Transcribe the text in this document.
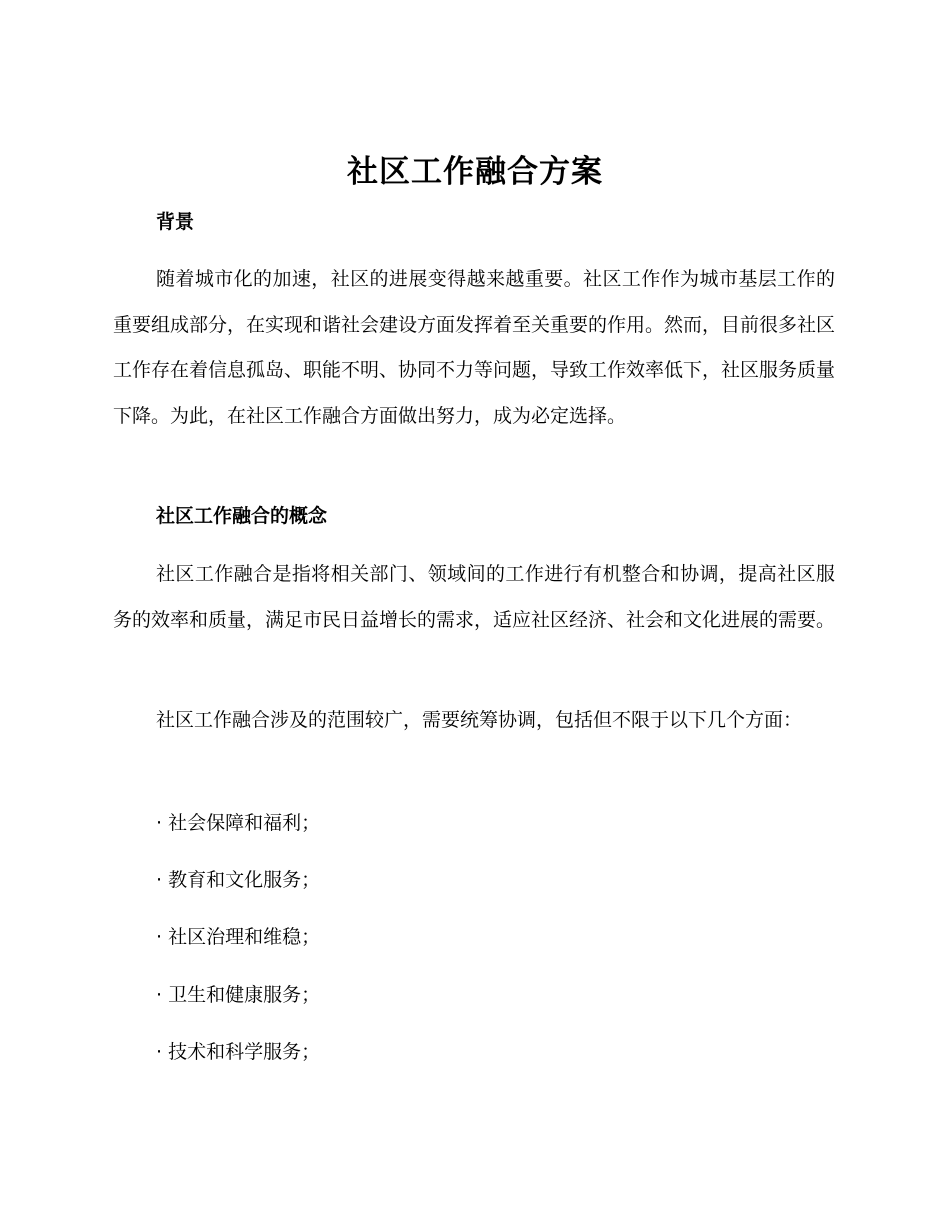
社区工作融合方案
背景

随着城市化的加速，社区的进展变得越来越重要。社区工作作为城市基层工作的重要组成部分，在实现和谐社会建设方面发挥着至关重要的作用。然而，目前很多社区工作存在着信息孤岛、职能不明、协同不力等问题，导致工作效率低下，社区服务质量下降。为此，在社区工作融合方面做出努力，成为必定选择。

社区工作融合的概念

社区工作融合是指将相关部门、领域间的工作进行有机整合和协调，提高社区服务的效率和质量，满足市民日益增长的需求，适应社区经济、社会和文化进展的需要。

社区工作融合涉及的范围较广，需要统筹协调，包括但不限于以下几个方面：

· 社会保障和福利；
· 教育和文化服务；
· 社区治理和维稳；
· 卫生和健康服务；
· 技术和科学服务；
